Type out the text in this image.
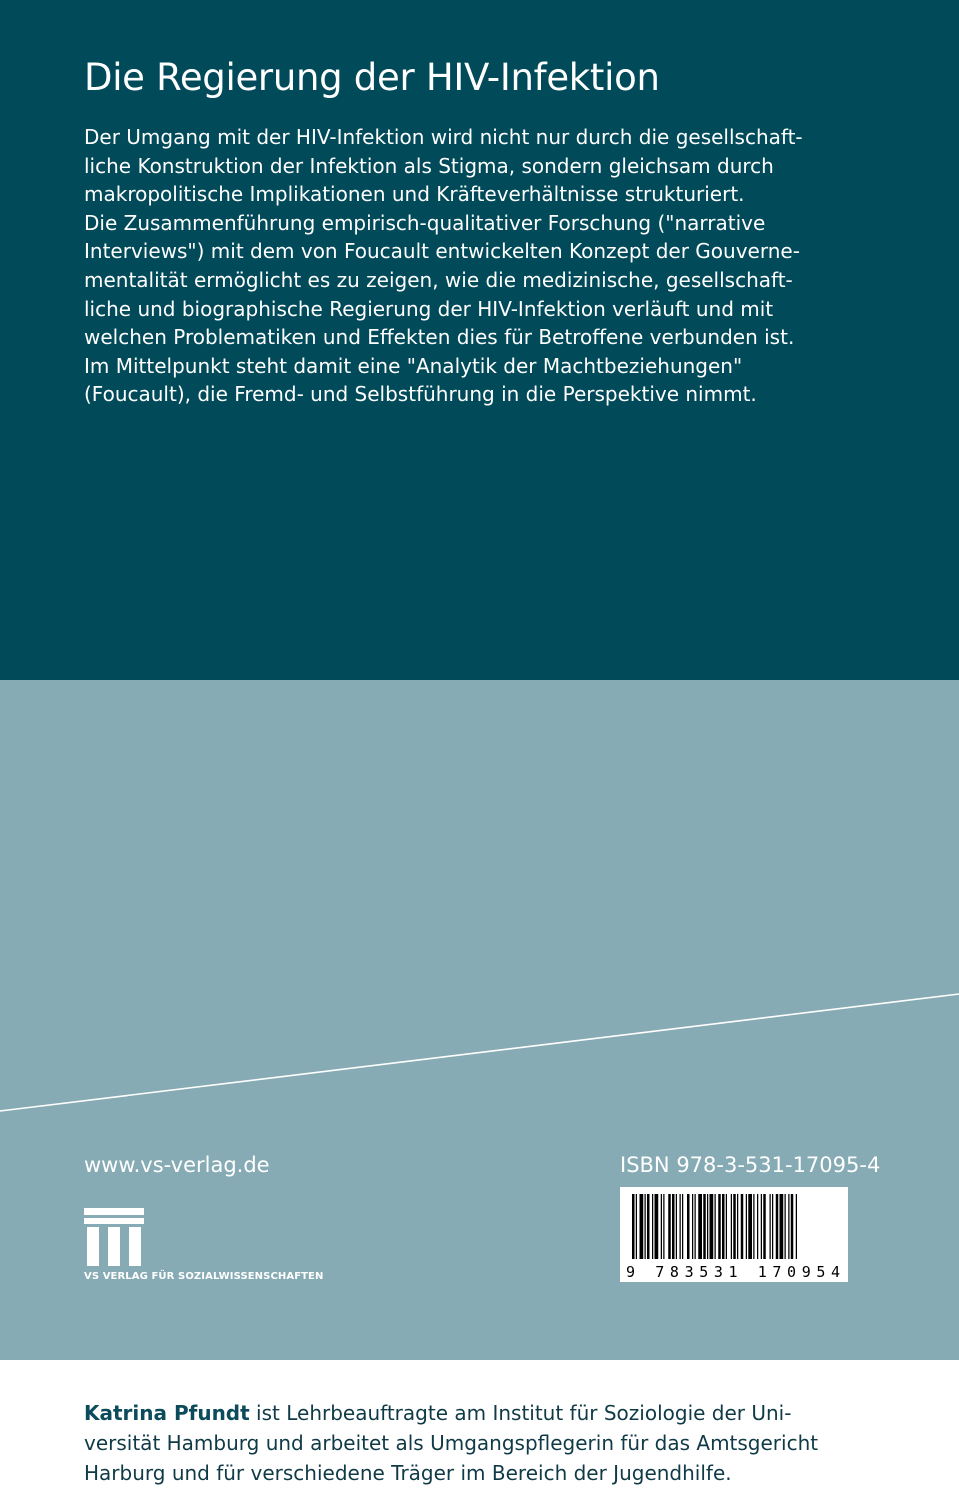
Die Regierung der HIV-Infektion
Der Umgang mit der HIV-Infektion wird nicht nur durch die gesellschaft-
liche Konstruktion der Infektion als Stigma, sondern gleichsam durch
makropolitische Implikationen und Kräfteverhältnisse strukturiert.
Die Zusammenführung empirisch-qualitativer Forschung ("narrative
Interviews") mit dem von Foucault entwickelten Konzept der Gouverne-
mentalität ermöglicht es zu zeigen, wie die medizinische, gesellschaft-
liche und biographische Regierung der HIV-Infektion verläuft und mit
welchen Problematiken und Effekten dies für Betroffene verbunden ist.
Im Mittelpunkt steht damit eine "Analytik der Machtbeziehungen"
(Foucault), die Fremd- und Selbstführung in die Perspektive nimmt.
Katrina Pfundt ist Lehrbeauftragte am Institut für Soziologie der Uni-
versität Hamburg und arbeitet als Umgangspflegerin für das Amtsgericht
Harburg und für verschiedene Träger im Bereich der Jugendhilfe.
www.vs-verlag.de	ISBN 978-3-531-17095-4
9 783531 170954
VS VERLAG FÜR SOZIALWISSENSCHAFTEN
